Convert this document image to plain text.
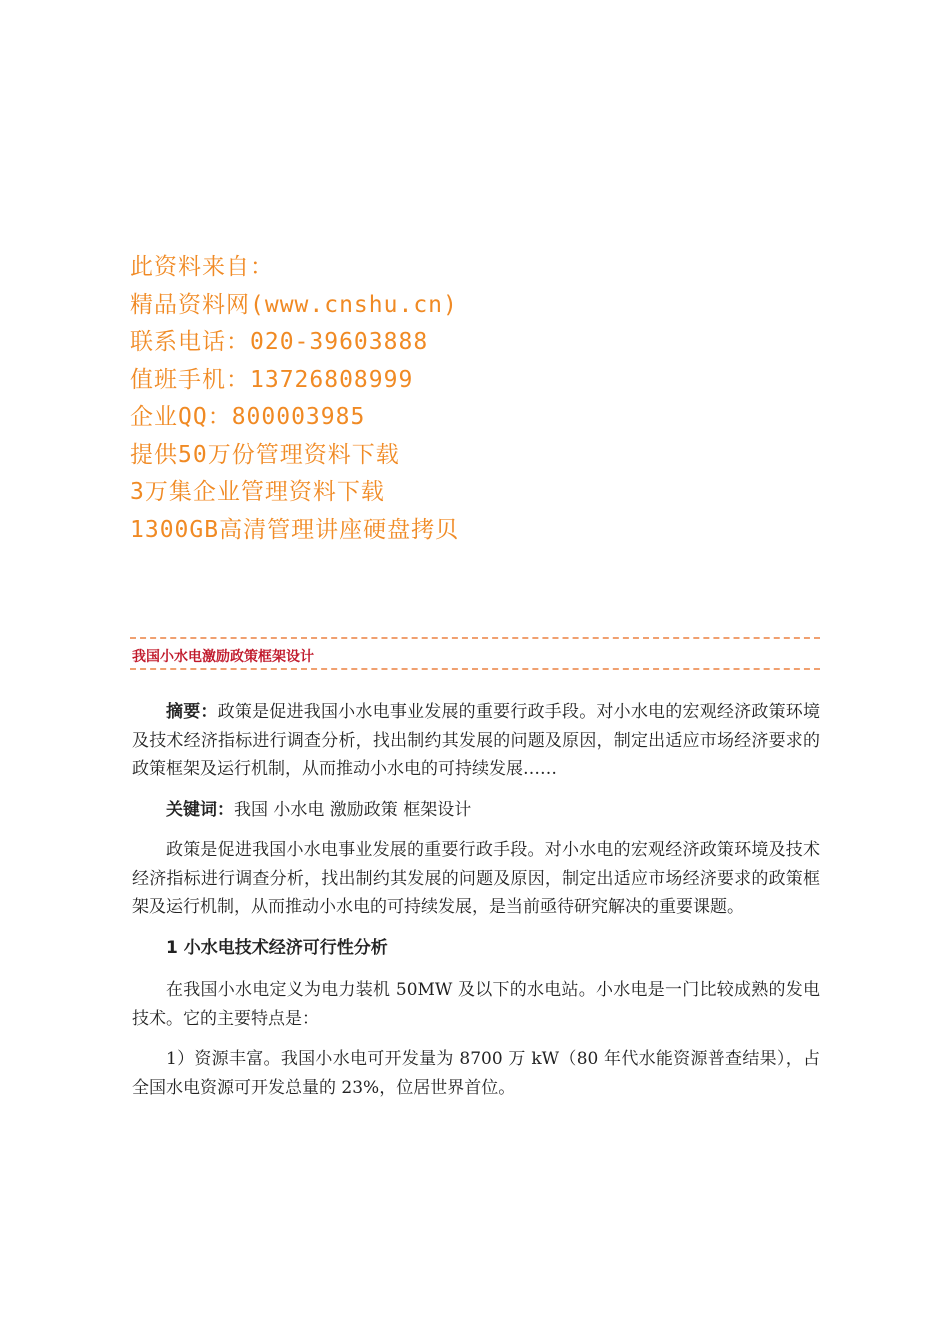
此资料来自：
精品资料网(www.cnshu.cn)
联系电话：020-39603888
值班手机：13726808999
企业QQ：800003985
提供50万份管理资料下载
3万集企业管理资料下载
1300GB高清管理讲座硬盘拷贝
我国小水电激励政策框架设计

摘要：政策是促进我国小水电事业发展的重要行政手段。对小水电的宏观经济政策环境及技术经济指标进行调查分析，找出制约其发展的问题及原因，制定出适应市场经济要求的政策框架及运行机制，从而推动小水电的可持续发展……

关键词：我国 小水电 激励政策 框架设计

政策是促进我国小水电事业发展的重要行政手段。对小水电的宏观经济政策环境及技术经济指标进行调查分析，找出制约其发展的问题及原因，制定出适应市场经济要求的政策框架及运行机制，从而推动小水电的可持续发展，是当前亟待研究解决的重要课题。

1 小水电技术经济可行性分析

在我国小水电定义为电力装机 50MW 及以下的水电站。小水电是一门比较成熟的发电技术。它的主要特点是：

1）资源丰富。我国小水电可开发量为 8700 万 kW（80 年代水能资源普查结果），占全国水电资源可开发总量的 23%，位居世界首位。
